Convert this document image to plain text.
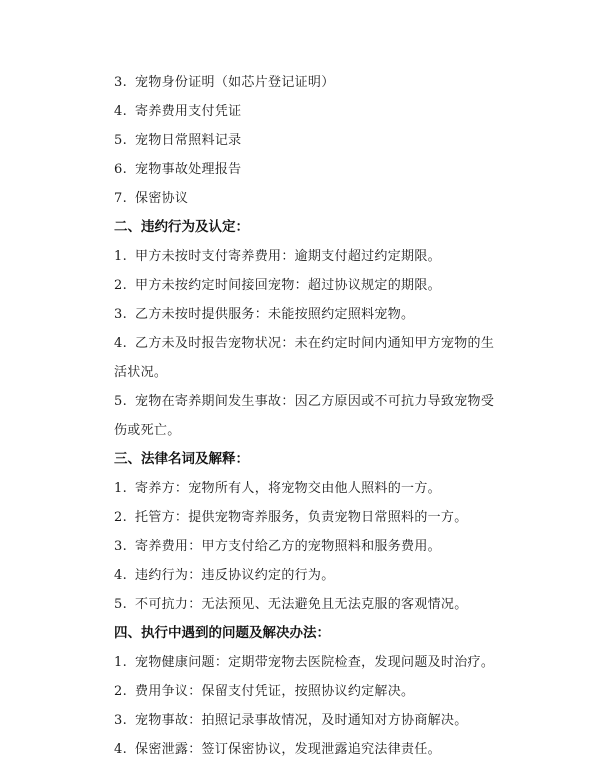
3. 宠物身份证明（如芯片登记证明）
4. 寄养费用支付凭证
5. 宠物日常照料记录
6. 宠物事故处理报告
7. 保密协议
二、违约行为及认定：
1. 甲方未按时支付寄养费用：逾期支付超过约定期限。
2. 甲方未按约定时间接回宠物：超过协议规定的期限。
3. 乙方未按时提供服务：未能按照约定照料宠物。
4. 乙方未及时报告宠物状况：未在约定时间内通知甲方宠物的生
活状况。
5. 宠物在寄养期间发生事故：因乙方原因或不可抗力导致宠物受
伤或死亡。
三、法律名词及解释：
1. 寄养方：宠物所有人，将宠物交由他人照料的一方。
2. 托管方：提供宠物寄养服务，负责宠物日常照料的一方。
3. 寄养费用：甲方支付给乙方的宠物照料和服务费用。
4. 违约行为：违反协议约定的行为。
5. 不可抗力：无法预见、无法避免且无法克服的客观情况。
四、执行中遇到的问题及解决办法：
1. 宠物健康问题：定期带宠物去医院检查，发现问题及时治疗。
2. 费用争议：保留支付凭证，按照协议约定解决。
3. 宠物事故：拍照记录事故情况，及时通知对方协商解决。
4. 保密泄露：签订保密协议，发现泄露追究法律责任。
